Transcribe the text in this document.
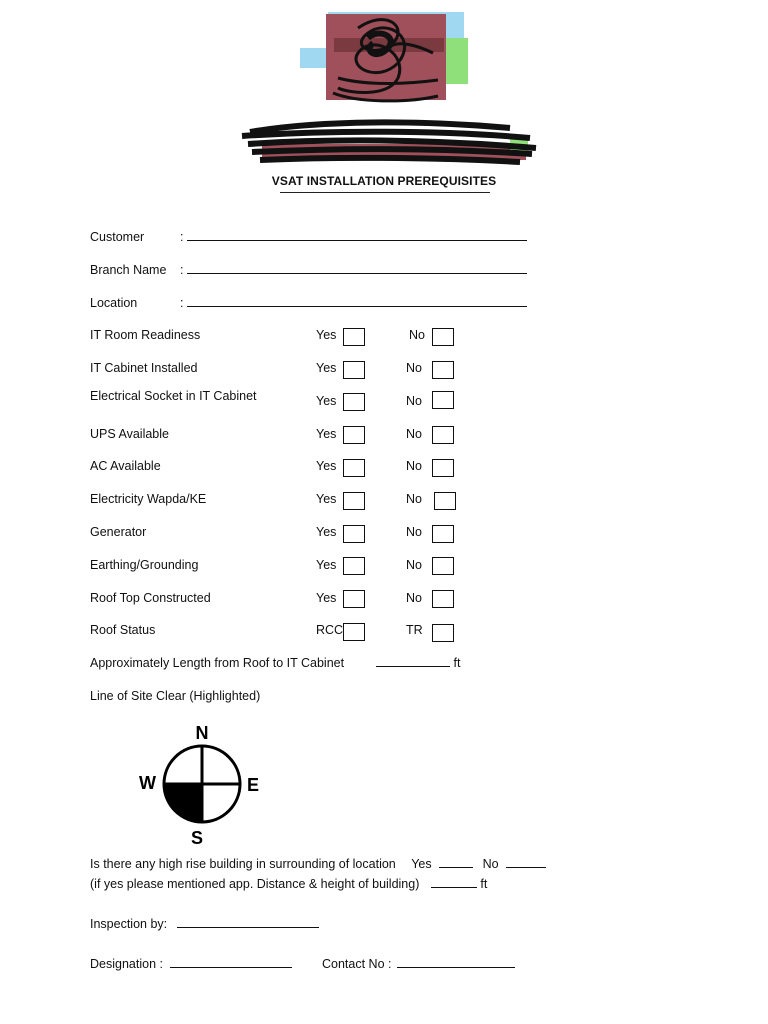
VSAT INSTALLATION PREREQUISITES
Customer	:
Branch Name :
Location	:
IT Room Readiness	Yes	No
IT Cabinet Installed	Yes	No
Electrical Socket in IT Cabinet	Yes	No
UPS Available	Yes	No
AC Available	Yes	No
Electricity Wapda/KE	Yes	No
Generator	Yes	No
Earthing/Grounding	Yes	No
Roof Top Constructed	Yes	No
Roof Status	RCC	TR
Approximately Length from Roof to IT Cabinet	ft
Line of Site Clear (Highlighted)
N
S
E
W
Is there any high rise building in surrounding of location Yes	No
(if yes please mentioned app. Distance & height of building)	ft
Inspection by:
Designation :	Contact No :
